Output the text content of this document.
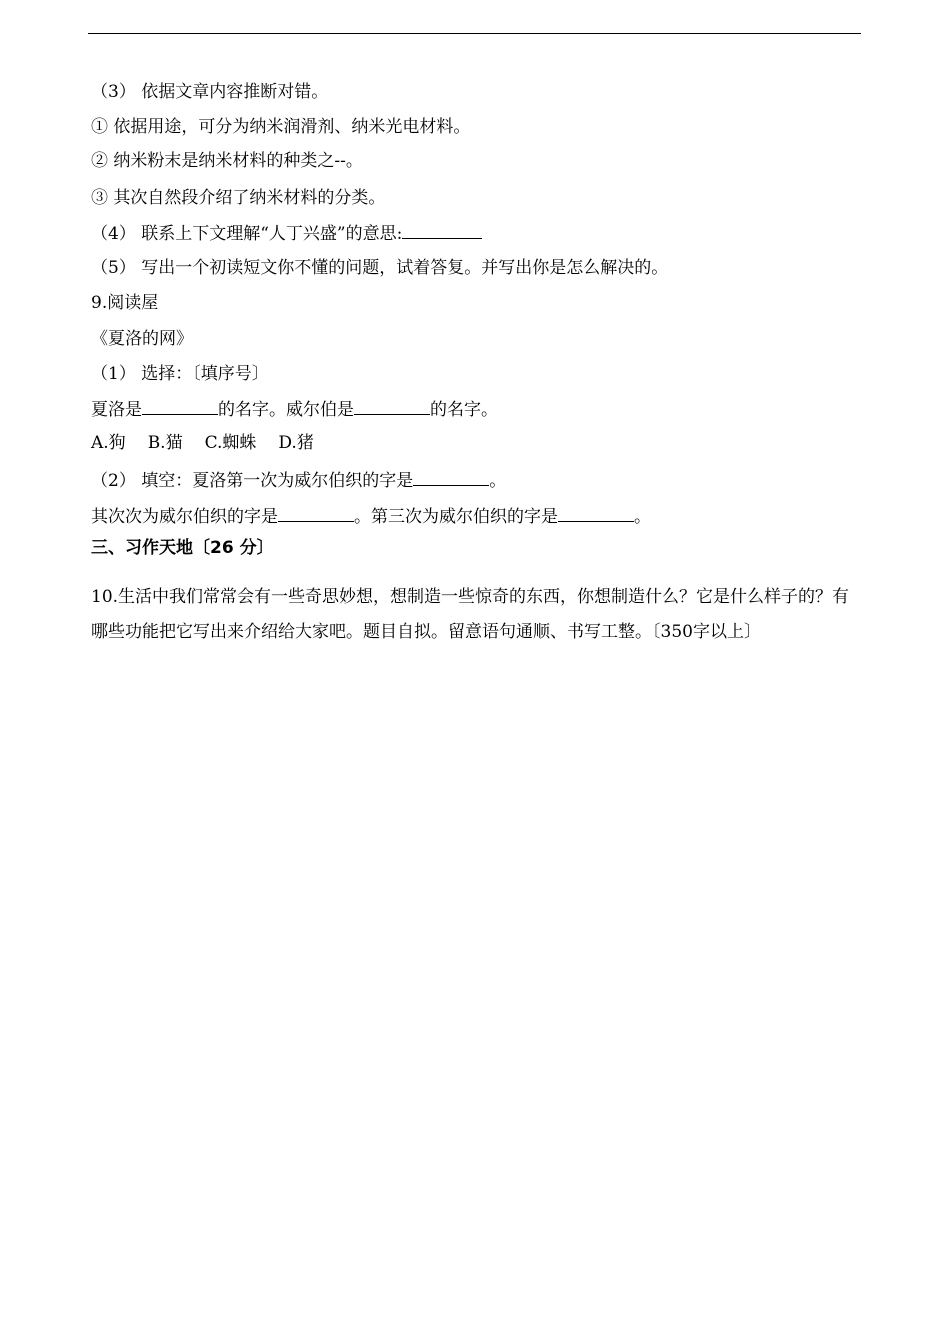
（3） 依据文章内容推断对错。
① 依据用途，可分为纳米润滑剂、纳米光电材料。
② 纳米粉末是纳米材料的种类之--。
③ 其次自然段介绍了纳米材料的分类。
（4） 联系上下文理解“人丁兴盛”的意思:
（5） 写出一个初读短文你不懂的问题，试着答复。并写出你是怎么解决的。
9.阅读屋
《夏洛的网》
（1） 选择：〔填序号〕
夏洛是	的名字。威尔伯是	的名字。
A.狗 B.猫 C.蜘蛛 D.猪
（2） 填空：夏洛第一次为威尔伯织的字是	。
其次次为威尔伯织的字是	。第三次为威尔伯织的字是	。
三、习作天地〔26 分〕
10.生活中我们常常会有一些奇思妙想，想制造一些惊奇的东西，你想制造什么？它是什么样子的？有哪些功能把它写出来介绍给大家吧。题目自拟。留意语句通顺、书写工整。〔350字以上〕
